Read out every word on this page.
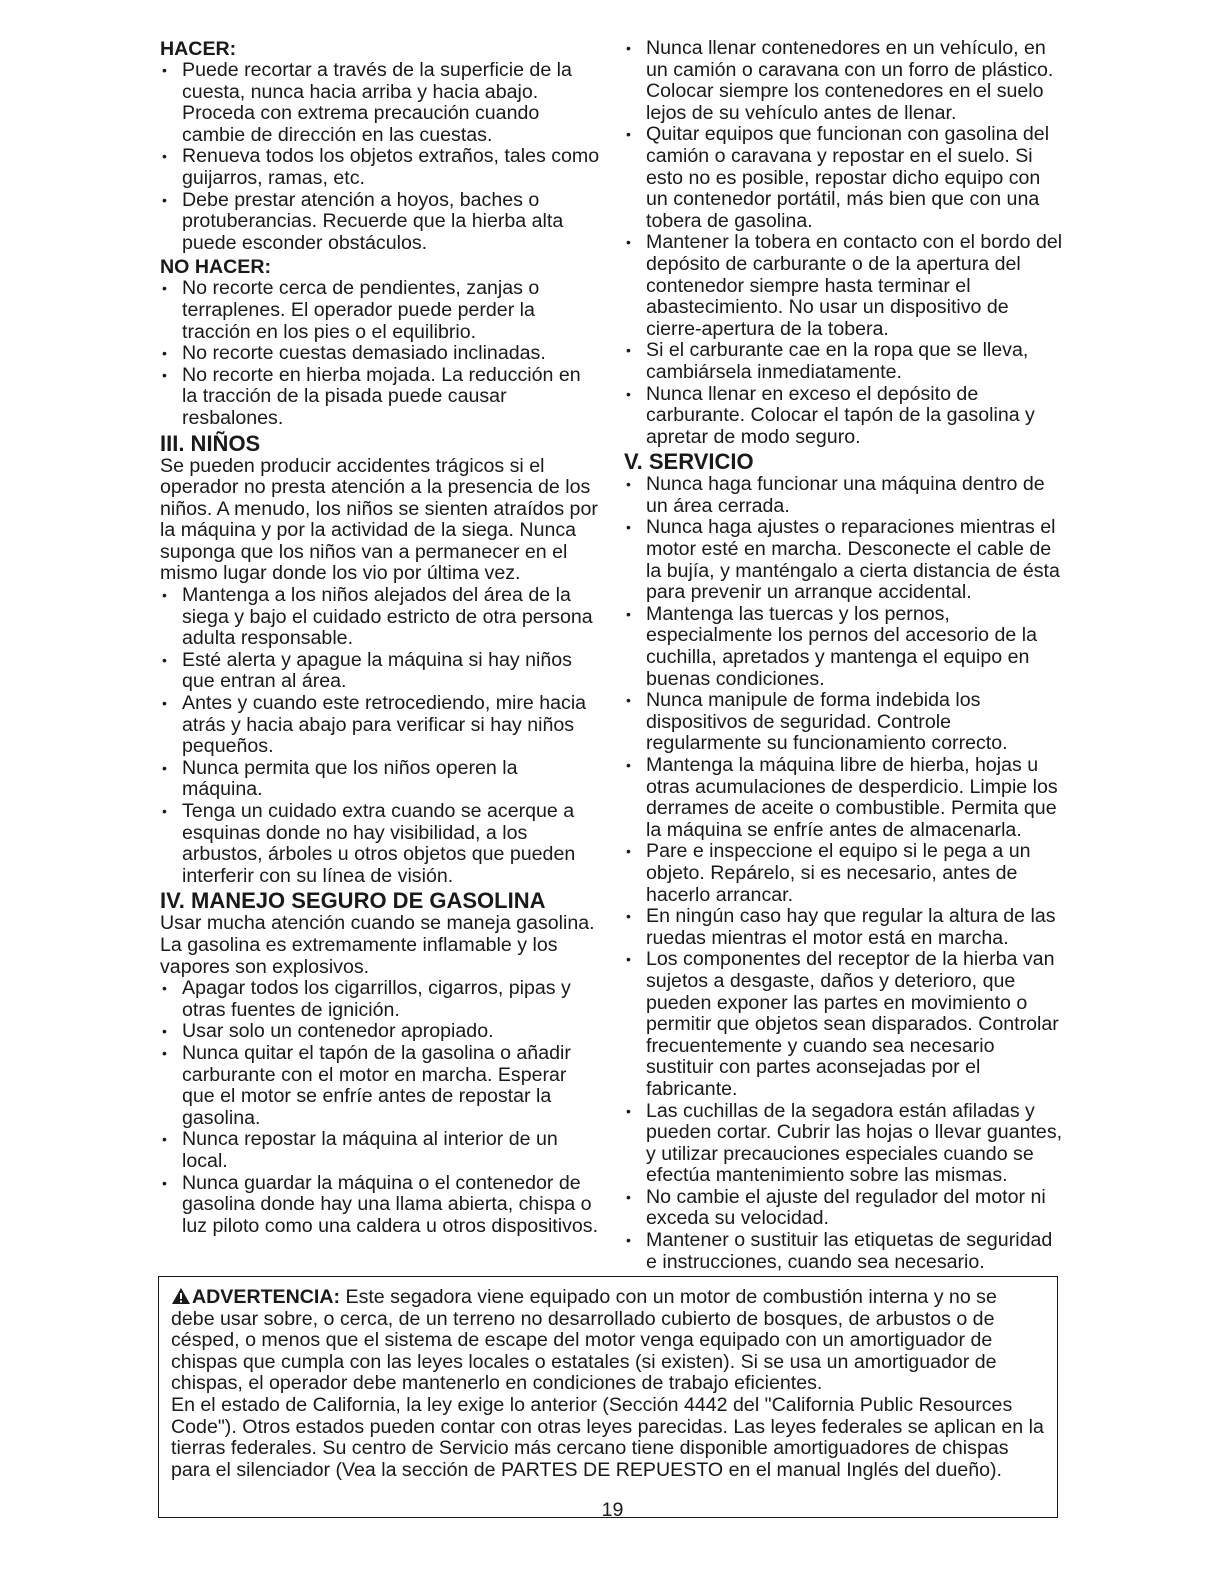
HACER:
• Puede recortar a través de la superficie de la cuesta, nunca hacia arriba y hacia abajo. Proceda con extrema precaución cuando cambie de dirección en las cuestas.
• Renueva todos los objetos extraños, tales como guijarros, ramas, etc.
• Debe prestar atención a hoyos, baches o protuberancias. Recuerde que la hierba alta puede esconder obstáculos.
NO HACER:
• No recorte cerca de pendientes, zanjas o terraplenes. El operador puede perder la tracción en los pies o el equilibrio.
• No recorte cuestas demasiado inclinadas.
• No recorte en hierba mojada. La reducción en la tracción de la pisada puede causar resbalones.
III. NIÑOS

Se pueden producir accidentes trágicos si el operador no presta atención a la presencia de los niños. A menudo, los niños se sienten atraídos por la máquina y por la actividad de la siega. Nunca suponga que los niños van a permanecer en el mismo lugar donde los vio por última vez.

• Mantenga a los niños alejados del área de la siega y bajo el cuidado estricto de otra persona adulta responsable.
• Esté alerta y apague la máquina si hay niños que entran al área.
• Antes y cuando este retrocediendo, mire hacia atrás y hacia abajo para verificar si hay niños pequeños.
• Nunca permita que los niños operen la máquina.
• Tenga un cuidado extra cuando se acerque a esquinas donde no hay visibilidad, a los arbustos, árboles u otros objetos que pueden interferir con su línea de visión.
IV. MANEJO SEGURO DE GASOLINA

Usar mucha atención cuando se maneja gasolina. La gasolina es extremamente inflamable y los vapores son explosivos.

• Apagar todos los cigarrillos, cigarros, pipas y otras fuentes de ignición.
• Usar solo un contenedor apropiado.
• Nunca quitar el tapón de la gasolina o añadir carburante con el motor en marcha. Esperar que el motor se enfríe antes de repostar la gasolina.
• Nunca repostar la máquina al interior de un local.
• Nunca guardar la máquina o el contenedor de gasolina donde hay una llama abierta, chispa o luz piloto como una caldera u otros dispositivos.
• Nunca llenar contenedores en un vehículo, en un camión o caravana con un forro de plástico. Colocar siempre los contenedores en el suelo lejos de su vehículo antes de llenar.
• Quitar equipos que funcionan con gasolina del camión o caravana y repostar en el suelo. Si esto no es posible, repostar dicho equipo con un contenedor portátil, más bien que con una tobera de gasolina.
• Mantener la tobera en contacto con el bordo del depósito de carburante o de la apertura del contenedor siempre hasta terminar el abastecimiento. No usar un dispositivo de cierre-apertura de la tobera.
• Si el carburante cae en la ropa que se lleva, cambiársela inmediatamente.
• Nunca llenar en exceso el depósito de carburante. Colocar el tapón de la gasolina y apretar de modo seguro.
V. SERVICIO
• Nunca haga funcionar una máquina dentro de un área cerrada.
• Nunca haga ajustes o reparaciones mientras el motor esté en marcha. Desconecte el cable de la bujía, y manténgalo a cierta distancia de ésta para prevenir un arranque accidental.
• Mantenga las tuercas y los pernos, especialmente los pernos del accesorio de la cuchilla, apretados y mantenga el equipo en buenas condiciones.
• Nunca manipule de forma indebida los dispositivos de seguridad. Controle regularmente su funcionamiento correcto.
• Mantenga la máquina libre de hierba, hojas u otras acumulaciones de desperdicio. Limpie los derrames de aceite o combustible. Permita que la máquina se enfríe antes de almacenarla.
• Pare e inspeccione el equipo si le pega a un objeto. Repárelo, si es necesario, antes de hacerlo arrancar.
• En ningún caso hay que regular la altura de las ruedas mientras el motor está en marcha.
• Los componentes del receptor de la hierba van sujetos a desgaste, daños y deterioro, que pueden exponer las partes en movimiento o permitir que objetos sean disparados. Controlar frecuentemente y cuando sea necesario sustituir con partes aconsejadas por el fabricante.
• Las cuchillas de la segadora están afiladas y pueden cortar. Cubrir las hojas o llevar guantes, y utilizar precauciones especiales cuando se efectúa mantenimiento sobre las mismas.
• No cambie el ajuste del regulador del motor ni exceda su velocidad.
• Mantener o sustituir las etiquetas de seguridad e instrucciones, cuando sea necesario.
ADVERTENCIA: Este segadora viene equipado con un motor de combustión interna y no se debe usar sobre, o cerca, de un terreno no desarrollado cubierto de bosques, de arbustos o de césped, o menos que el sistema de escape del motor venga equipado con un amortiguador de chispas que cumpla con las leyes locales o estatales (si existen). Si se usa un amortiguador de chispas, el operador debe mantenerlo en condiciones de trabajo eficientes.
En el estado de California, la ley exige lo anterior (Sección 4442 del "California Public Resources Code"). Otros estados pueden contar con otras leyes parecidas. Las leyes federales se aplican en la tierras federales. Su centro de Servicio más cercano tiene disponible amortiguadores de chispas para el silenciador (Vea la sección de PARTES DE REPUESTO en el manual Inglés del dueño).
19
